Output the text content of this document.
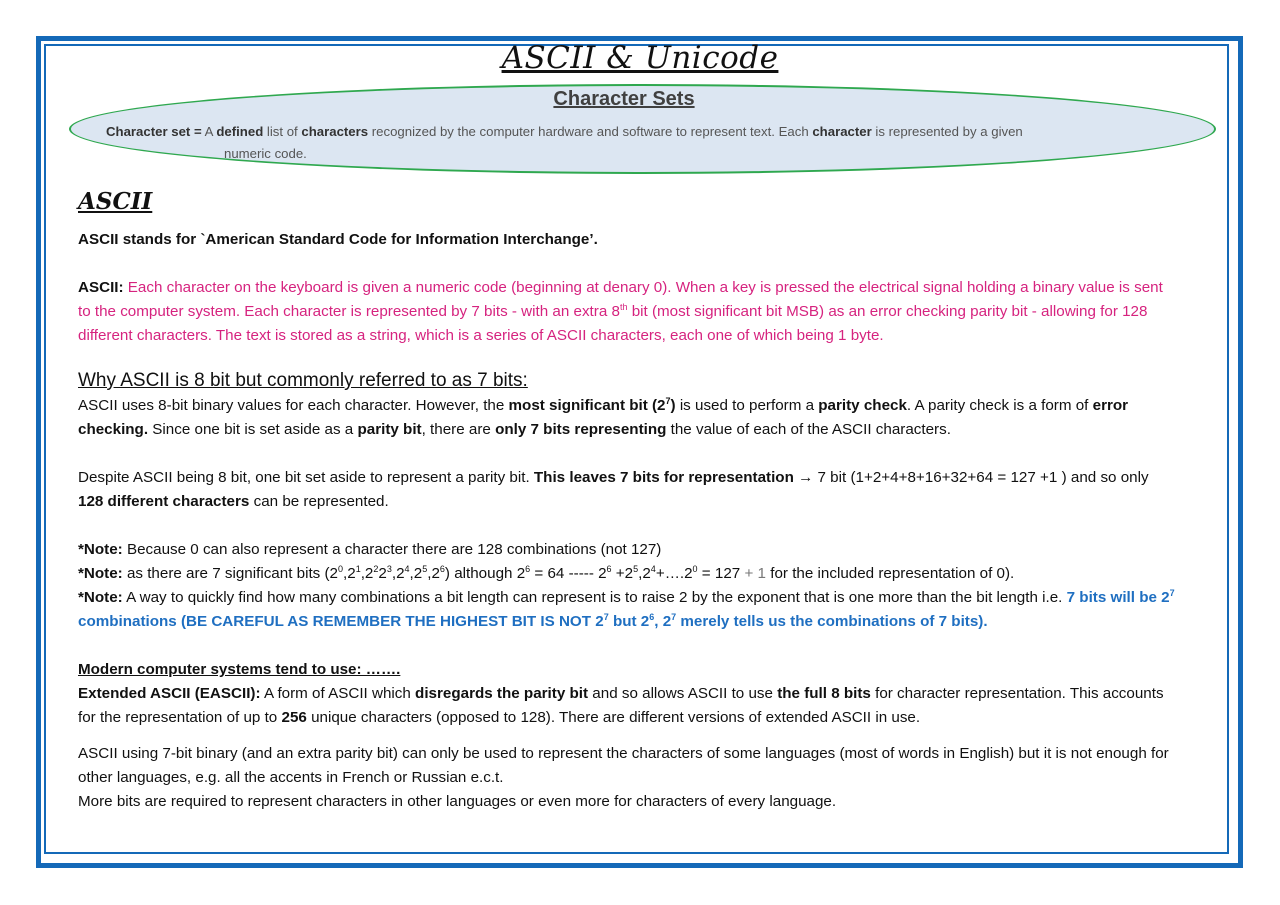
ASCII & Unicode
Character Sets
Character set = A defined list of characters recognized by the computer hardware and software to represent text. Each character is represented by a given
numeric code.
ASCII

ASCII stands for `American Standard Code for Information Interchange’.

ASCII: Each character on the keyboard is given a numeric code (beginning at denary 0). When a key is pressed the electrical signal holding a binary value is sent to the computer system. Each character is represented by 7 bits - with an extra 8th bit (most significant bit MSB) as an error checking parity bit - allowing for 128 different characters. The text is stored as a string, which is a series of ASCII characters, each one of which being 1 byte.

Why ASCII is 8 bit but commonly referred to as 7 bits:

ASCII uses 8-bit binary values for each character. However, the most significant bit $(2^7)$ is used to perform a parity check. A parity check is a form of error checking. Since one bit is set aside as a parity bit, there are only 7 bits representing the value of each of the ASCII characters.

Despite ASCII being 8 bit, one bit set aside to represent a parity bit. This leaves 7 bits for representation → 7 bit (1+2+4+8+16+32+64 = 127 +1 ) and so only 128 different characters can be represented.

*Note: Because 0 can also represent a character there are 128 combinations (not 127)

*Note: as there are 7 significant bits $(2^0,2^1,2^22^3,2^4,2^5,2^6)$ although $2^6 = 64$ ----- $2^6$ $+2^5,2^4+\dots.2^0 = 127 + 1$ for the included representation of 0).

*Note: A way to quickly find how many combinations a bit length can represent is to raise 2 by the exponent that is one more than the bit length i.e. 7 bits will be $2^7$ combinations (BE CAREFUL AS REMEMBER THE HIGHEST BIT IS NOT $2^7$ but $2^6$, $2^7$ merely tells us the combinations of 7 bits).

Modern computer systems tend to use: …….

Extended ASCII (EASCII): A form of ASCII which disregards the parity bit and so allows ASCII to use the full 8 bits for character representation. This accounts for the representation of up to 256 unique characters (opposed to 128). There are different versions of extended ASCII in use.

ASCII using 7-bit binary (and an extra parity bit) can only be used to represent the characters of some languages (most of words in English) but it is not enough for other languages, e.g. all the accents in French or Russian e.c.t.

More bits are required to represent characters in other languages or even more for characters of every language.
